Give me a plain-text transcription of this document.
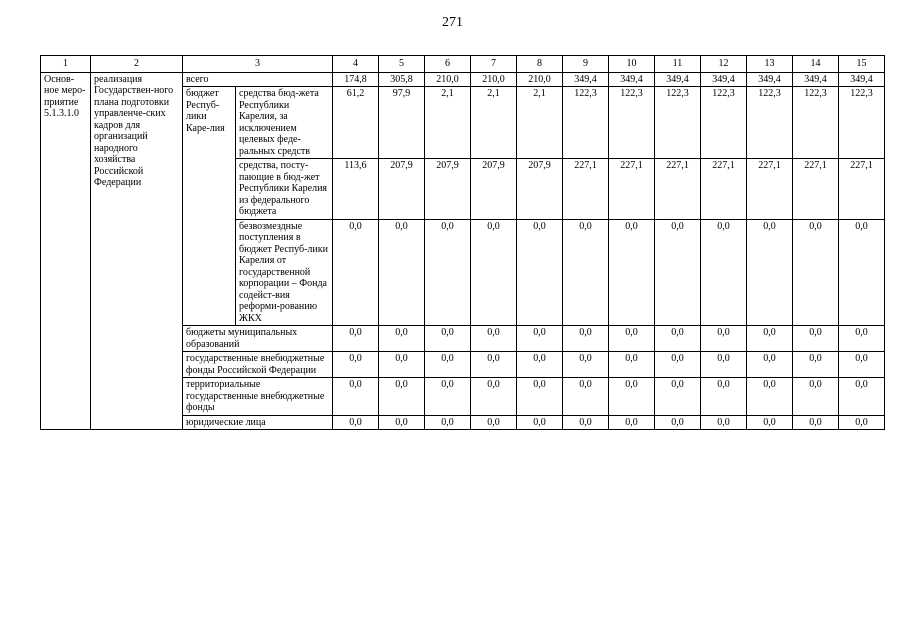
271
1	2	3		4	5	6	7	8	9	10	11	12	13	14	15
Основ-ное меро-приятие 5.1.3.1.0	реализация Государствен-ного плана подготовки управленче-ских кадров для организаций народного хозяйства Российской Федерации	всего		174,8	305,8	210,0	210,0	210,0	349,4	349,4	349,4	349,4	349,4	349,4	349,4
		бюджет Респуб-лики Каре-лия	средства бюд-жета Республики Карелия, за исключением целевых феде-ральных средств	61,2	97,9	2,1	2,1	2,1	122,3	122,3	122,3	122,3	122,3	122,3	122,3
			средства, посту-пающие в бюд-жет Республики Карелия из федерального бюджета	113,6	207,9	207,9	207,9	207,9	227,1	227,1	227,1	227,1	227,1	227,1	227,1
			безвозмездные поступления в бюджет Респуб-лики Карелия от государственной корпорации – Фонда содейст-вия реформи-рованию ЖКХ	0,0	0,0	0,0	0,0	0,0	0,0	0,0	0,0	0,0	0,0	0,0	0,0
		бюджеты муниципальных образований		0,0	0,0	0,0	0,0	0,0	0,0	0,0	0,0	0,0	0,0	0,0	0,0
		государственные внебюджетные фонды Российской Федерации		0,0	0,0	0,0	0,0	0,0	0,0	0,0	0,0	0,0	0,0	0,0	0,0
		территориальные государственные внебюджетные фонды		0,0	0,0	0,0	0,0	0,0	0,0	0,0	0,0	0,0	0,0	0,0	0,0
		юридические лица		0,0	0,0	0,0	0,0	0,0	0,0	0,0	0,0	0,0	0,0	0,0	0,0
